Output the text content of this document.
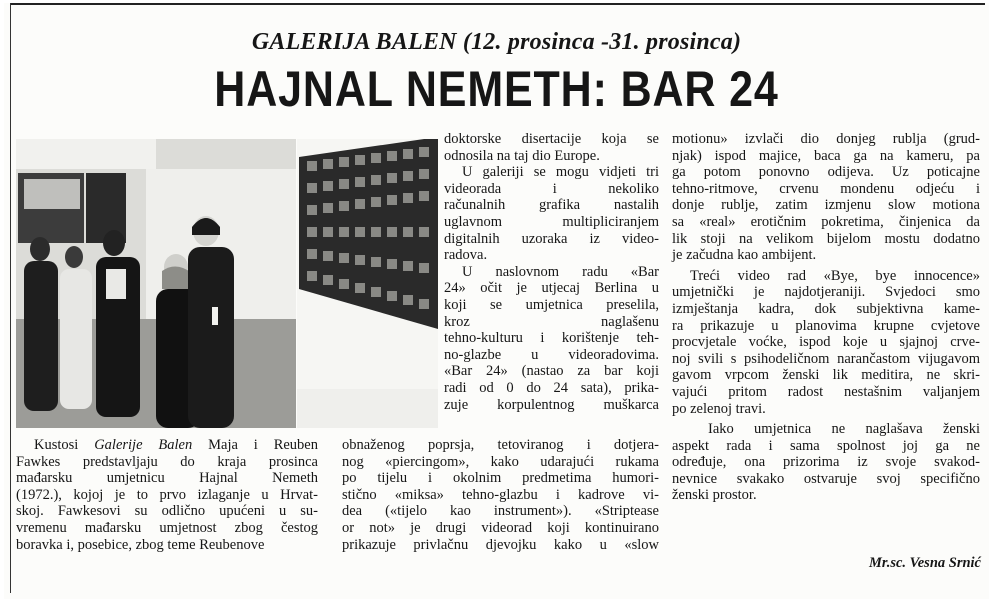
GALERIJA BALEN (12. prosinca -31. prosinca)
HAJNAL NEMETH: BAR 24
Kustosi Galerije Balen Maja i Reuben
Fawkes predstavljaju do kraja prosinca
mađarsku umjetnicu Hajnal Nemeth
(1972.), kojoj je to prvo izlaganje u Hrvat-
skoj. Fawkesovi su odlično upućeni u su-
vremenu mađarsku umjetnost zbog čestog
boravka i, posebice, zbog teme Reubenove
doktorske disertacije koja se
odnosila na taj dio Europe.
U galeriji se mogu vidjeti tri
videorada i nekoliko
računalnih grafika nastalih
uglavnom multipliciranjem
digitalnih uzoraka iz video-
radova.
U naslovnom radu «Bar
24» očit je utjecaj Berlina u
koji se umjetnica preselila,
kroz naglašenu
tehno-kulturu i korištenje teh-
no-glazbe u videoradovima.
«Bar 24» (nastao za bar koji
radi od 0 do 24 sata), prika-
zuje korpulentnog muškarca
obnaženog poprsja, tetoviranog i dotjera-
nog «piercingom», kako udarajući rukama
po tijelu i okolnim predmetima humori-
stično «miksa» tehno-glazbu i kadrove vi-
dea («tijelo kao instrument»). «Striptease
or not» je drugi videorad koji kontinuirano
prikazuje privlačnu djevojku kako u «slow
motionu» izvlači dio donjeg rublja (grud-
njak) ispod majice, baca ga na kameru, pa
ga potom ponovno odijeva. Uz poticajne
tehno-ritmove, crvenu mondenu odjeću i
donje rublje, zatim izmjenu slow motiona
sa «real» erotičnim pokretima, činjenica da
lik stoji na velikom bijelom mostu dodatno
je začudna kao ambijent.
Treći video rad «Bye, bye innocence»
umjetnički je najdotjeraniji. Svjedoci smo
izmještanja kadra, dok subjektivna kame-
ra prikazuje u planovima krupne cvjetove
procvjetale voćke, ispod koje u sjajnoj crve-
noj svili s psihodeličnom narančastom vijugavom
gavom vrpcom ženski lik meditira, ne skri-
vajući pritom radost nestašnim valjanjem
po zelenoj travi.
Iako umjetnica ne naglašava ženski
aspekt rada i sama spolnost joj ga ne
određuje, ona prizorima iz svoje svakod-
nevnice svakako ostvaruje svoj specifično
ženski prostor.
Mr.sc. Vesna Srnić
